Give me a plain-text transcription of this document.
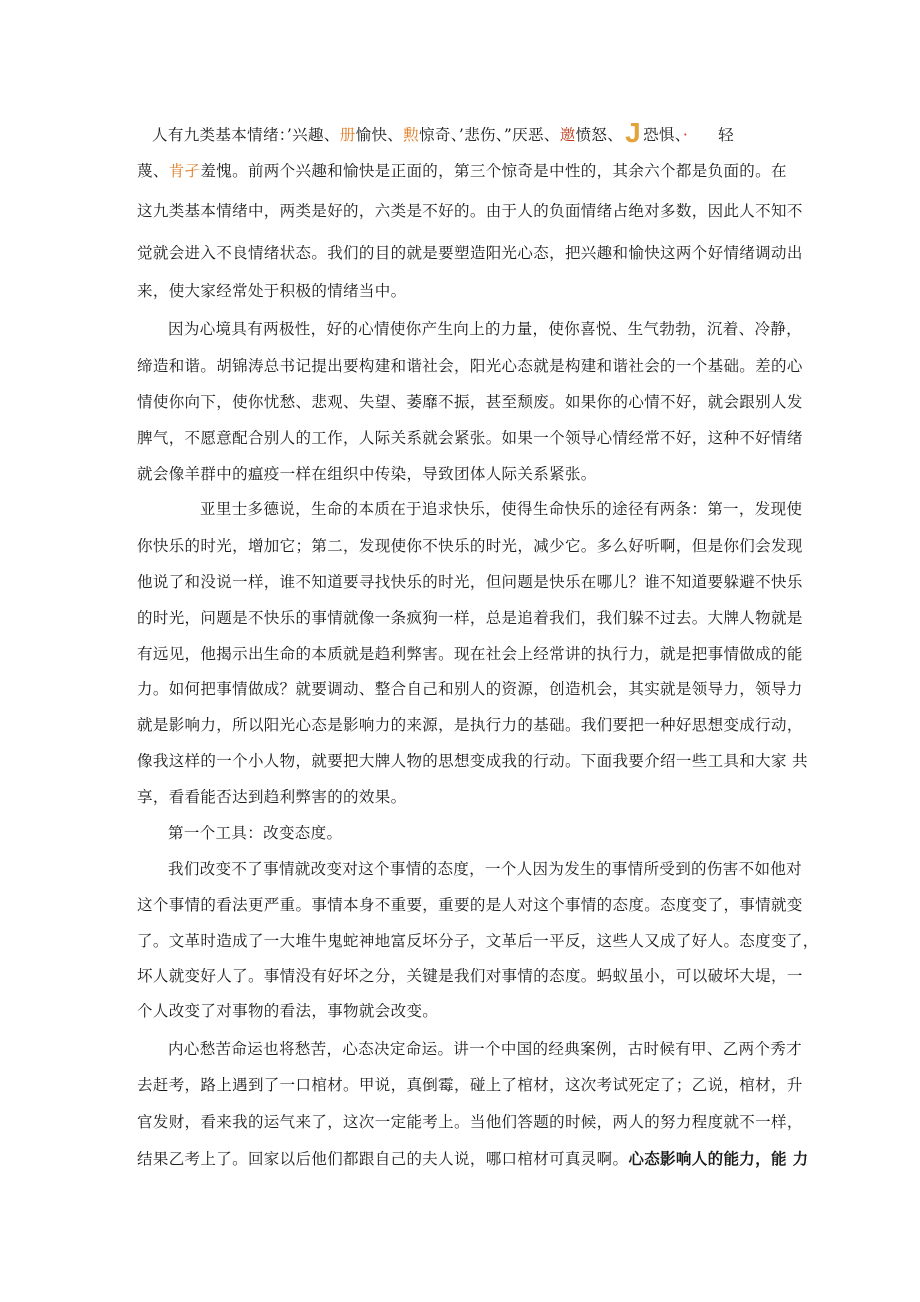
人有九类基本情绪：’兴趣、册愉快、勲惊奇、’悲伤、”厌恶、邀愤怒、J 恐惧、· 轻
蔑、肯孑羞愧。前两个兴趣和愉快是正面的，第三个惊奇是中性的，其余六个都是负面的。在
这九类基本情绪中，两类是好的，六类是不好的。由于人的负面情绪占绝对多数，因此人不知不
觉就会进入不良情绪状态。我们的目的就是要塑造阳光心态，把兴趣和愉快这两个好情绪调动出
来，使大家经常处于积极的情绪当中。
因为心境具有两极性，好的心情使你产生向上的力量，使你喜悦、生气勃勃，沉着、冷静，
缔造和谐。胡锦涛总书记提出要构建和谐社会，阳光心态就是构建和谐社会的一个基础。差的心
情使你向下，使你忧愁、悲观、失望、萎靡不振，甚至颓废。如果你的心情不好，就会跟别人发
脾气，不愿意配合别人的工作，人际关系就会紧张。如果一个领导心情经常不好，这种不好情绪
就会像羊群中的瘟疫一样在组织中传染，导致团体人际关系紧张。
亚里士多德说，生命的本质在于追求快乐，使得生命快乐的途径有两条：第一，发现使
你快乐的时光，增加它；第二，发现使你不快乐的时光，减少它。多么好听啊，但是你们会发现
他说了和没说一样，谁不知道要寻找快乐的时光，但问题是快乐在哪儿？谁不知道要躲避不快乐
的时光，问题是不快乐的事情就像一条疯狗一样，总是追着我们，我们躲不过去。大牌人物就是
有远见，他揭示出生命的本质就是趋利弊害。现在社会上经常讲的执行力，就是把事情做成的能
力。如何把事情做成？就要调动、整合自己和别人的资源，创造机会，其实就是领导力，领导力
就是影响力，所以阳光心态是影响力的来源，是执行力的基础。我们要把一种好思想变成行动，
像我这样的一个小人物，就要把大牌人物的思想变成我的行动。下面我要介绍一些工具和大家 共
享，看看能否达到趋利弊害的的效果。
第一个工具：改变态度。
我们改变不了事情就改变对这个事情的态度，一个人因为发生的事情所受到的伤害不如他对
这个事情的看法更严重。事情本身不重要，重要的是人对这个事情的态度。态度变了，事情就变
了。文革时造成了一大堆牛鬼蛇神地富反坏分子，文革后一平反，这些人又成了好人。态度变了，
坏人就变好人了。事情没有好坏之分，关键是我们对事情的态度。蚂蚁虽小，可以破坏大堤，一
个人改变了对事物的看法，事物就会改变。
内心愁苦命运也将愁苦，心态决定命运。讲一个中国的经典案例，古时候有甲、乙两个秀才
去赶考，路上遇到了一口棺材。甲说，真倒霉，碰上了棺材，这次考试死定了；乙说，棺材，升
官发财，看来我的运气来了，这次一定能考上。当他们答题的时候，两人的努力程度就不一样，
结果乙考上了。回家以后他们都跟自己的夫人说，哪口棺材可真灵啊。心态影响人的能力，能 力
